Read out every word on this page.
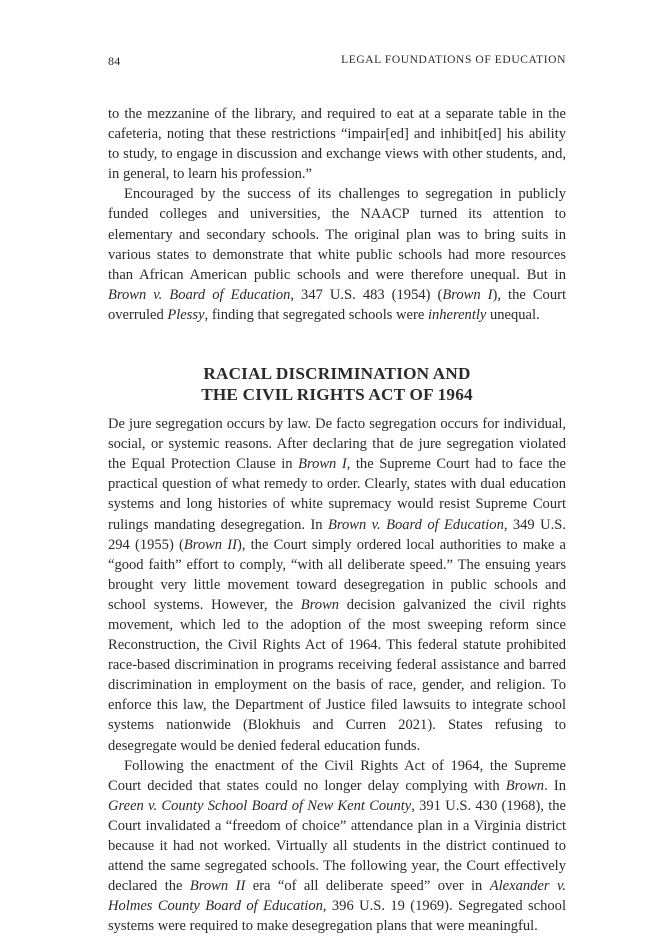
84	LEGAL FOUNDATIONS OF EDUCATION

to the mezzanine of the library, and required to eat at a separate table in the cafeteria, noting that these restrictions “impair[ed] and inhibit[ed] his ability to study, to engage in discussion and exchange views with other students, and, in general, to learn his profession.”

Encouraged by the success of its challenges to segregation in publicly funded colleges and universities, the NAACP turned its attention to elementary and secondary schools. The original plan was to bring suits in various states to demonstrate that white public schools had more resources than African American public schools and were therefore unequal. But in Brown v. Board of Education, 347 U.S. 483 (1954) (Brown I), the Court overruled Plessy, finding that segregated schools were inherently unequal.

RACIAL DISCRIMINATION AND
THE CIVIL RIGHTS ACT OF 1964

De jure segregation occurs by law. De facto segregation occurs for individual, social, or systemic reasons. After declaring that de jure segregation violated the Equal Protection Clause in Brown I, the Supreme Court had to face the practical question of what remedy to order. Clearly, states with dual education systems and long histories of white supremacy would resist Supreme Court rulings mandating desegregation. In Brown v. Board of Education, 349 U.S. 294 (1955) (Brown II), the Court simply ordered local authorities to make a “good faith” effort to comply, “with all deliberate speed.” The ensuing years brought very little movement toward desegregation in public schools and school systems. However, the Brown decision galvanized the civil rights movement, which led to the adoption of the most sweeping reform since Reconstruction, the Civil Rights Act of 1964. This federal statute prohibited race-based discrimination in programs receiving federal assistance and barred discrimination in employment on the basis of race, gender, and religion. To enforce this law, the Department of Justice filed lawsuits to integrate school systems nationwide (Blokhuis and Curren 2021). States refusing to desegregate would be denied federal education funds.

Following the enactment of the Civil Rights Act of 1964, the Supreme Court decided that states could no longer delay complying with Brown. In Green v. County School Board of New Kent County, 391 U.S. 430 (1968), the Court invalidated a “freedom of choice” attendance plan in a Virginia district because it had not worked. Virtually all students in the district continued to attend the same segregated schools. The following year, the Court effectively declared the Brown II era “of all deliberate speed” over in Alexander v. Holmes County Board of Education, 396 U.S. 19 (1969). Segregated school systems were required to make desegregation plans that were meaningful.
